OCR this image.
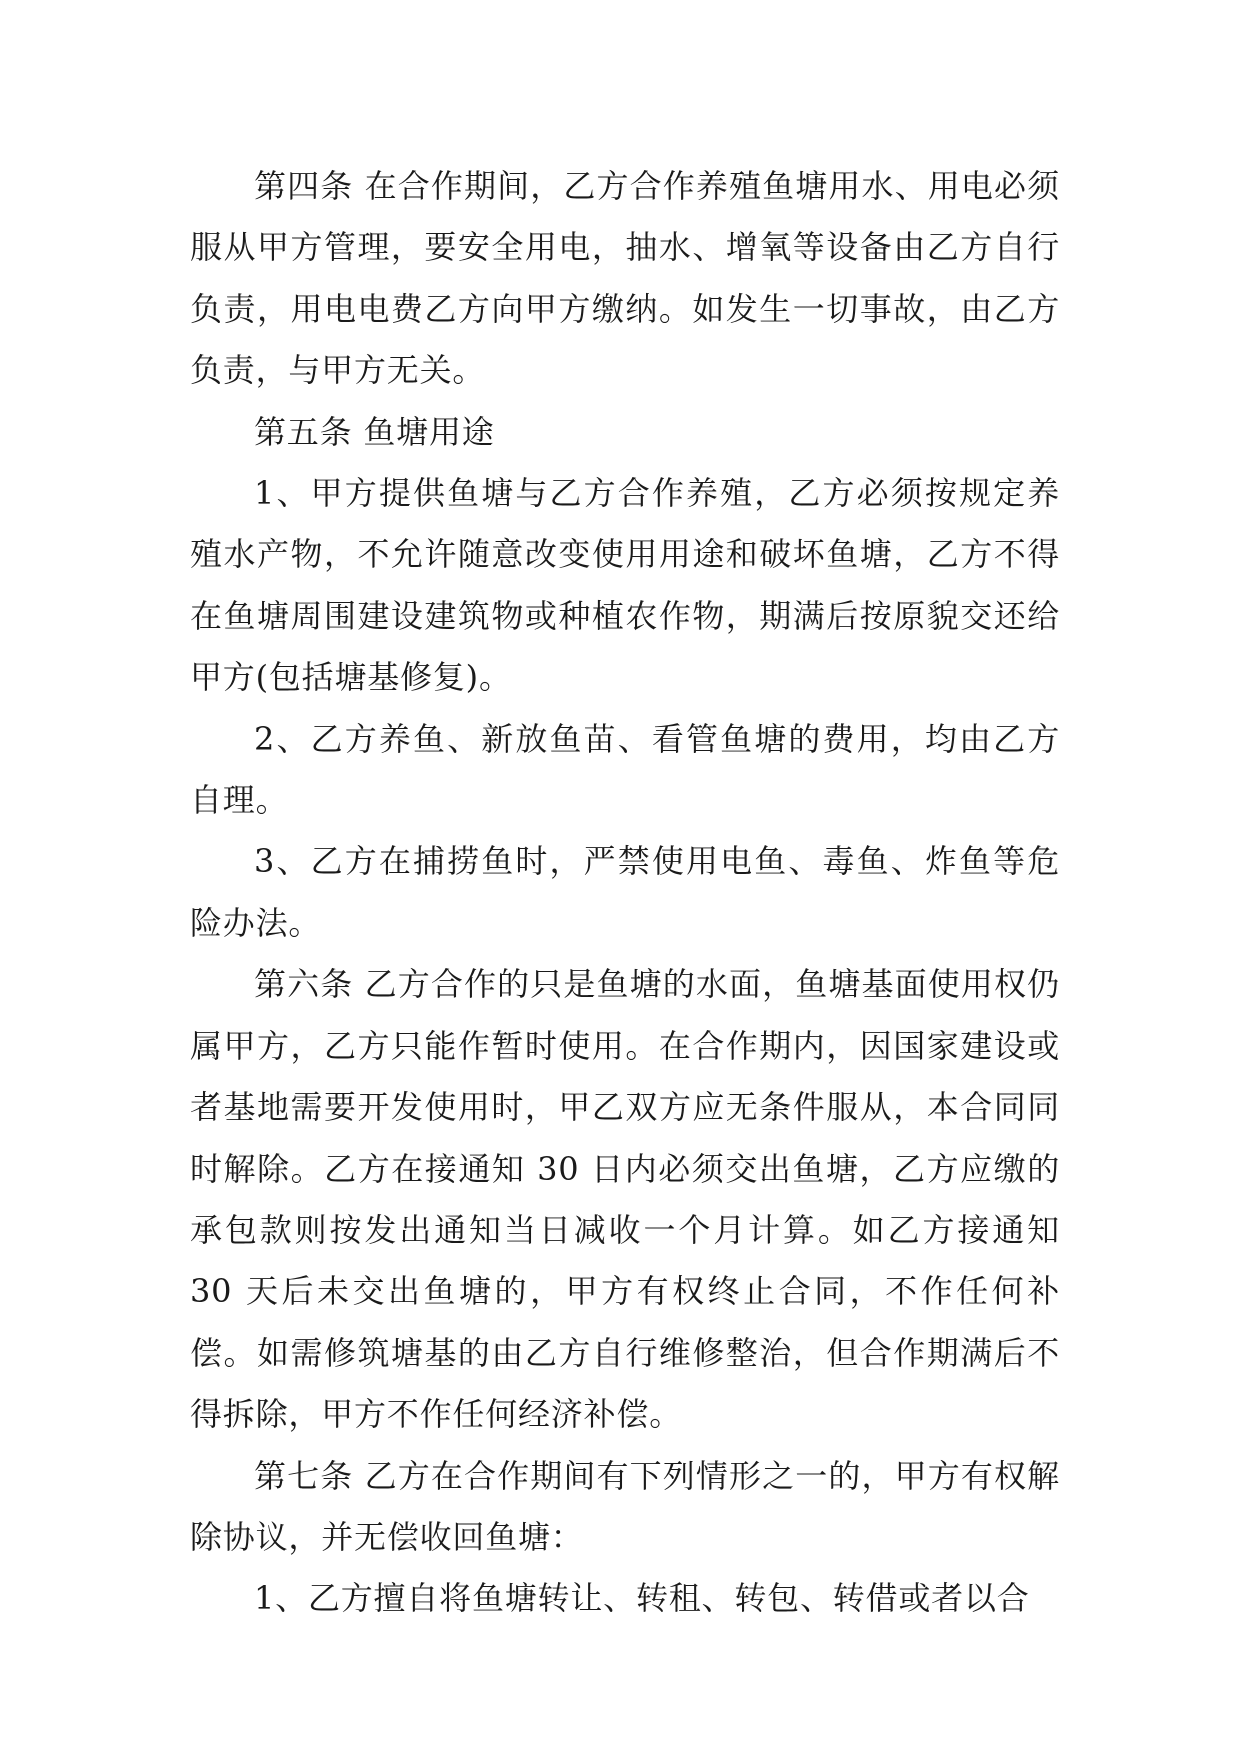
第四条 在合作期间，乙方合作养殖鱼塘用水、用电必须服从甲方管理，要安全用电，抽水、增氧等设备由乙方自行负责，用电电费乙方向甲方缴纳。如发生一切事故，由乙方负责，与甲方无关。

第五条 鱼塘用途

1、甲方提供鱼塘与乙方合作养殖，乙方必须按规定养殖水产物，不允许随意改变使用用途和破坏鱼塘，乙方不得在鱼塘周围建设建筑物或种植农作物，期满后按原貌交还给甲方(包括塘基修复)。

2、乙方养鱼、新放鱼苗、看管鱼塘的费用，均由乙方自理。

3、乙方在捕捞鱼时，严禁使用电鱼、毒鱼、炸鱼等危险办法。

第六条 乙方合作的只是鱼塘的水面，鱼塘基面使用权仍属甲方，乙方只能作暂时使用。在合作期内，因国家建设或者基地需要开发使用时，甲乙双方应无条件服从，本合同同时解除。乙方在接通知 30 日内必须交出鱼塘，乙方应缴的承包款则按发出通知当日减收一个月计算。如乙方接通知 30 天后未交出鱼塘的，甲方有权终止合同，不作任何补偿。如需修筑塘基的由乙方自行维修整治，但合作期满后不得拆除，甲方不作任何经济补偿。

第七条 乙方在合作期间有下列情形之一的，甲方有权解除协议，并无偿收回鱼塘：

1、乙方擅自将鱼塘转让、转租、转包、转借或者以合
